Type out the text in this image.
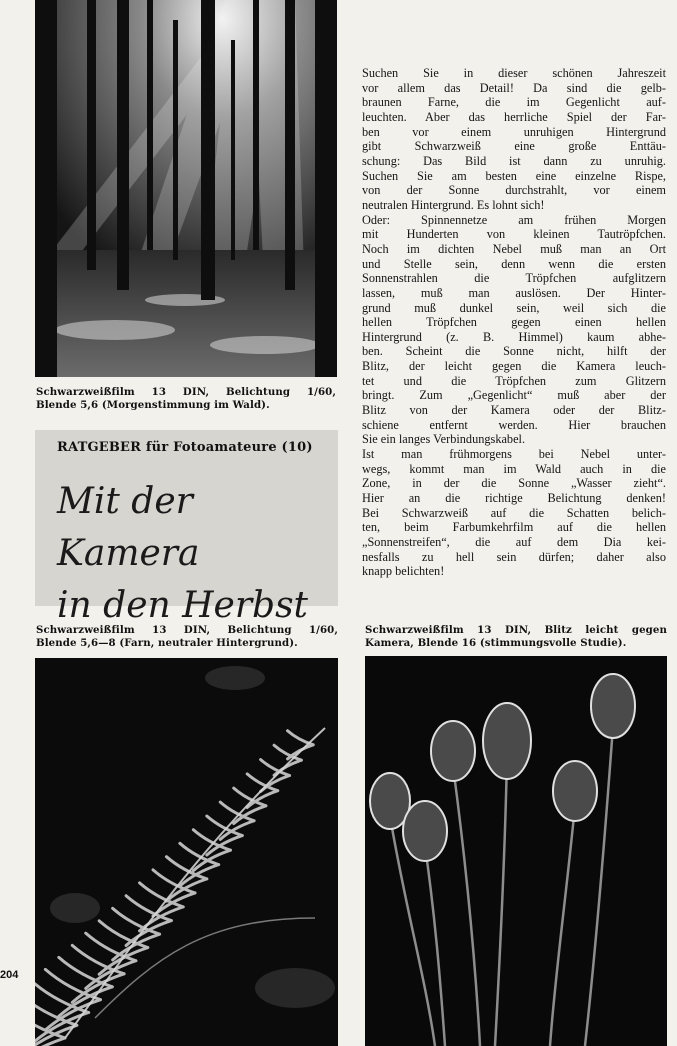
Schwarzweißfilm 13 DIN, Belichtung 1/60,
Blende 5,6 (Morgenstimmung im Wald).
RATGEBER für Fotoamateure (10)
Mit der Kamera
in den Herbst
Suchen Sie in dieser schönen Jahreszeit
vor allem das Detail! Da sind die gelb-
braunen Farne, die im Gegenlicht auf-
leuchten. Aber das herrliche Spiel der Far-
ben vor einem unruhigen Hintergrund
gibt Schwarzweiß eine große Enttäu-
schung: Das Bild ist dann zu unruhig.
Suchen Sie am besten eine einzelne Rispe,
von der Sonne durchstrahlt, vor einem
neutralen Hintergrund. Es lohnt sich!
Oder: Spinnennetze am frühen Morgen
mit Hunderten von kleinen Tautröpfchen.
Noch im dichten Nebel muß man an Ort
und Stelle sein, denn wenn die ersten
Sonnenstrahlen die Tröpfchen aufglitzern
lassen, muß man auslösen. Der Hinter-
grund muß dunkel sein, weil sich die
hellen Tröpfchen gegen einen hellen
Hintergrund (z. B. Himmel) kaum abhe-
ben. Scheint die Sonne nicht, hilft der
Blitz, der leicht gegen die Kamera leuch-
tet und die Tröpfchen zum Glitzern
bringt. Zum „Gegenlicht“ muß aber der
Blitz von der Kamera oder der Blitz-
schiene entfernt werden. Hier brauchen
Sie ein langes Verbindungskabel.
Ist man frühmorgens bei Nebel unter-
wegs, kommt man im Wald auch in die
Zone, in der die Sonne „Wasser zieht“.
Hier an die richtige Belichtung denken!
Bei Schwarzweiß auf die Schatten belich-
ten, beim Farbumkehrfilm auf die hellen
„Sonnenstreifen“, die auf dem Dia kei-
nesfalls zu hell sein dürfen; daher also
knapp belichten!
Schwarzweißfilm 13 DIN, Belichtung 1/60,
Blende 5,6—8 (Farn, neutraler Hintergrund).
Schwarzweißfilm 13 DIN, Blitz leicht gegen
Kamera, Blende 16 (stimmungsvolle Studie).
204
